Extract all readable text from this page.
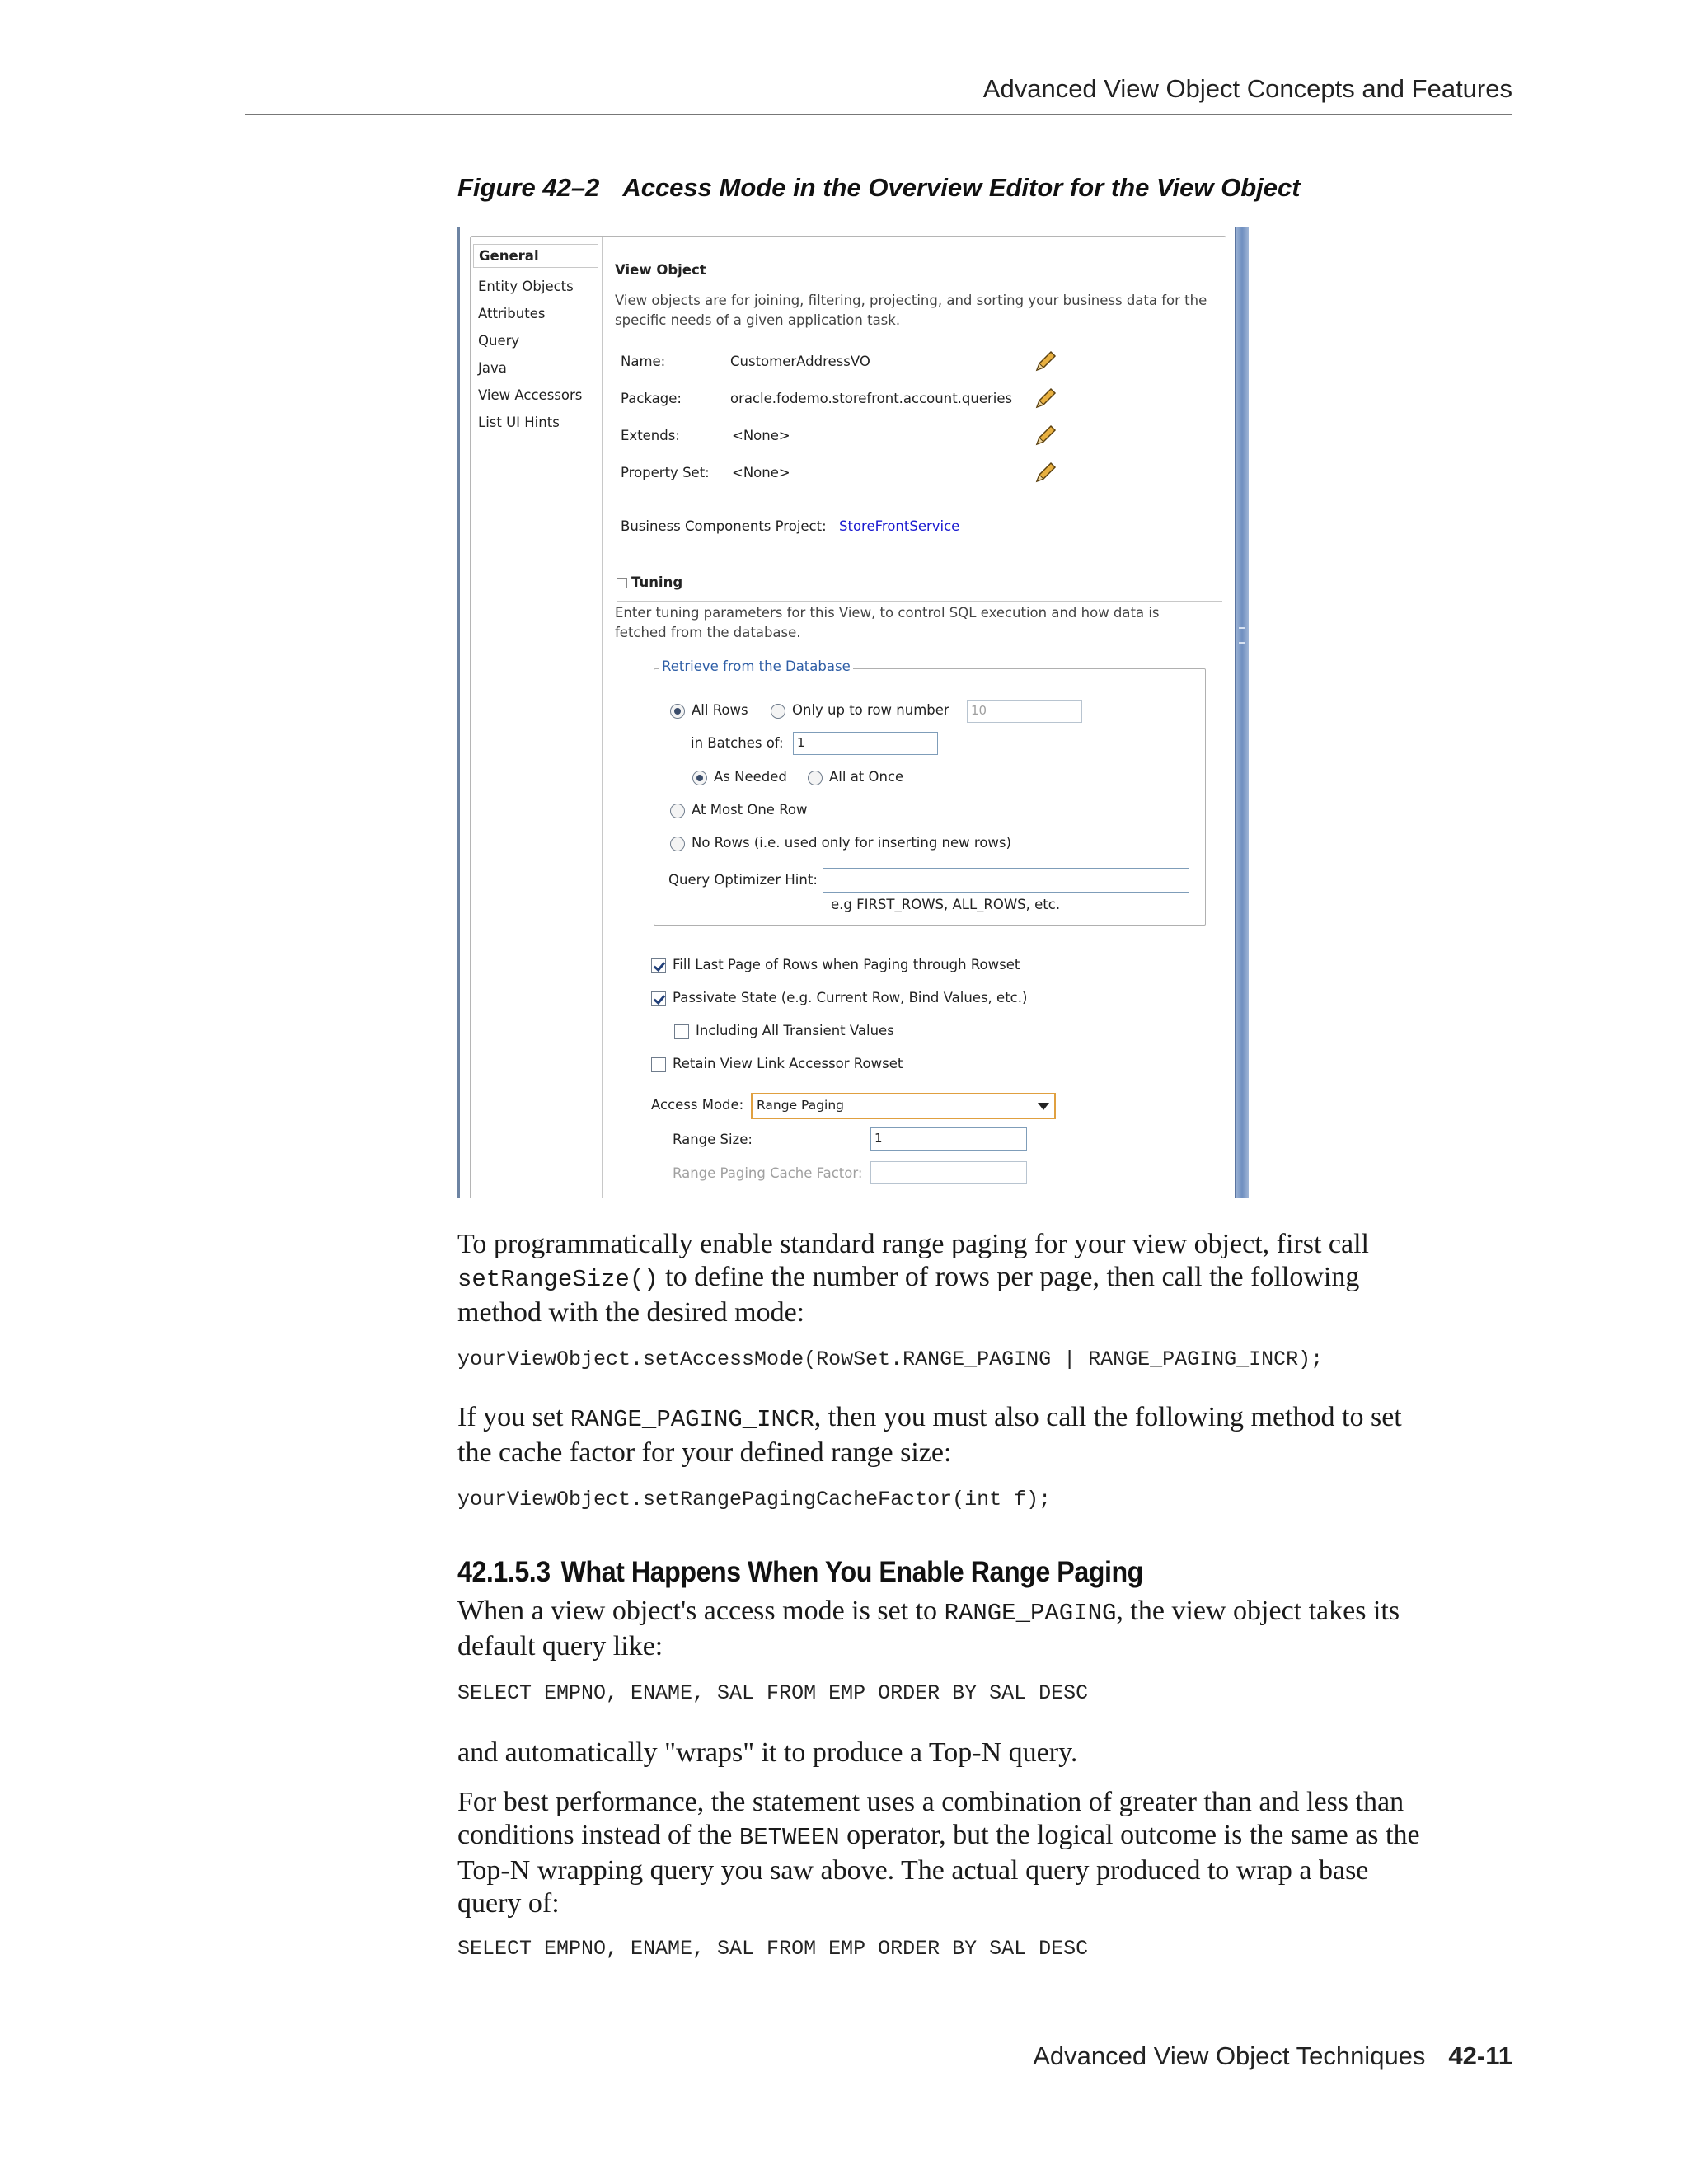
Advanced View Object Concepts and Features
Figure 42–2 Access Mode in the Overview Editor for the View Object
General
Entity Objects
Attributes
Query
Java
View Accessors
List UI Hints
View Object
View objects are for joining, filtering, projecting, and sorting your business data for the specific needs of a given application task.
Name:	CustomerAddressVO
Package:	oracle.fodemo.storefront.account.queries
Extends:	<None>
Property Set: <None>
Business Components Project: StoreFrontService
Tuning
Enter tuning parameters for this View, to control SQL execution and how data is fetched from the database.
Retrieve from the Database
All Rows	Only up to row number	10
in Batches of:	1
As Needed	All at Once
At Most One Row
No Rows (i.e. used only for inserting new rows)
Query Optimizer Hint:
e.g FIRST_ROWS, ALL_ROWS, etc.
Fill Last Page of Rows when Paging through Rowset
Passivate State (e.g. Current Row, Bind Values, etc.)
Including All Transient Values
Retain View Link Accessor Rowset
Access Mode:	Range Paging
Range Size:	1
Range Paging Cache Factor:
To programmatically enable standard range paging for your view object, first call
setRangeSize() to define the number of rows per page, then call the following
method with the desired mode:
yourViewObject.setAccessMode(RowSet.RANGE_PAGING | RANGE_PAGING_INCR);
If you set RANGE_PAGING_INCR, then you must also call the following method to set
the cache factor for your defined range size:
yourViewObject.setRangePagingCacheFactor(int f);
42.1.5.3 What Happens When You Enable Range Paging
When a view object's access mode is set to RANGE_PAGING, the view object takes its
default query like:
SELECT EMPNO, ENAME, SAL FROM EMP ORDER BY SAL DESC
and automatically "wraps" it to produce a Top-N query.
For best performance, the statement uses a combination of greater than and less than
conditions instead of the BETWEEN operator, but the logical outcome is the same as the
Top-N wrapping query you saw above. The actual query produced to wrap a base
query of:
SELECT EMPNO, ENAME, SAL FROM EMP ORDER BY SAL DESC
Advanced View Object Techniques 42-11
